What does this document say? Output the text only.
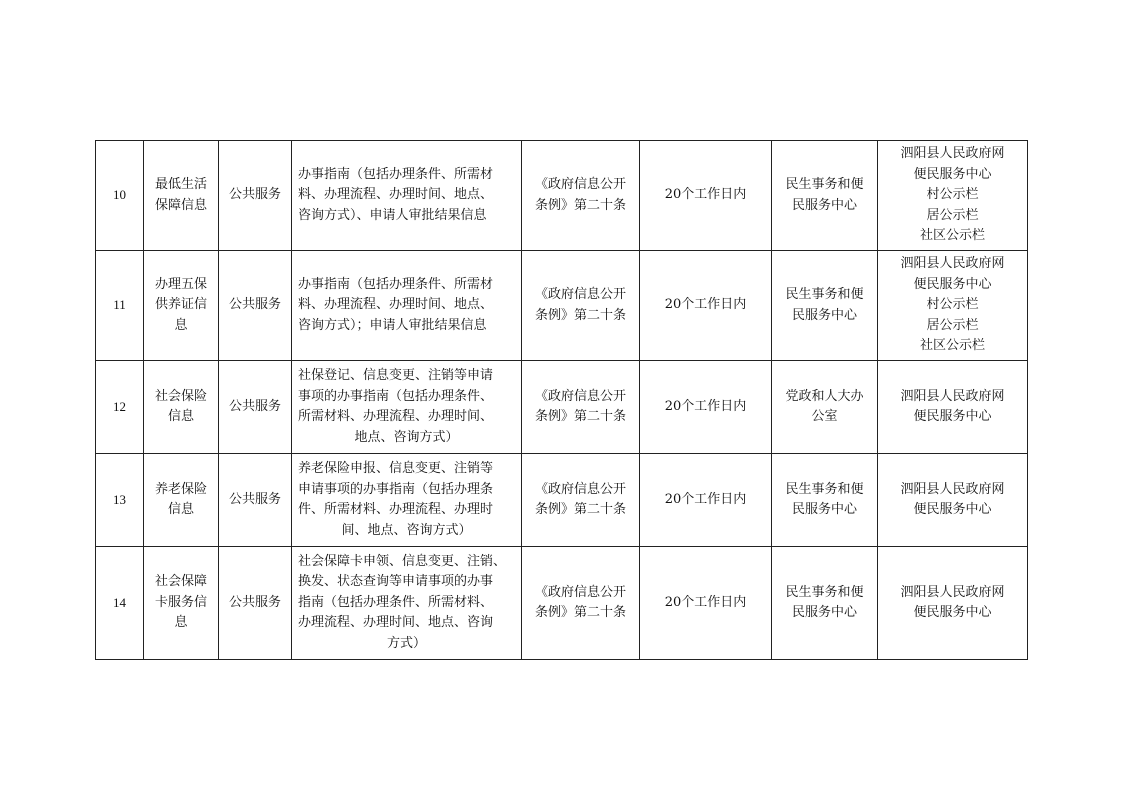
10	最低生活
保障信息	公共服务	办事指南（包括办理条件、所需材
料、办理流程、办理时间、地点、
咨询方式）、申请人审批结果信息	《政府信息公开
条例》第二十条	20个工作日内	民生事务和便
民服务中心	泗阳县人民政府网
便民服务中心
村公示栏
居公示栏
社区公示栏

11	办理五保
供养证信
息	公共服务	办事指南（包括办理条件、所需材
料、办理流程、办理时间、地点、
咨询方式）；申请人审批结果信息	《政府信息公开
条例》第二十条	20个工作日内	民生事务和便
民服务中心	泗阳县人民政府网
便民服务中心
村公示栏
居公示栏
社区公示栏

12	社会保险
信息	公共服务	社保登记、信息变更、注销等申请
事项的办事指南（包括办理条件、
所需材料、办理流程、办理时间、
地点、咨询方式）	《政府信息公开
条例》第二十条	20个工作日内	党政和人大办
公室	泗阳县人民政府网
便民服务中心

13	养老保险
信息	公共服务	养老保险申报、信息变更、注销等
申请事项的办事指南（包括办理条
件、所需材料、办理流程、办理时
间、地点、咨询方式）	《政府信息公开
条例》第二十条	20个工作日内	民生事务和便
民服务中心	泗阳县人民政府网
便民服务中心

14	社会保障
卡服务信
息	公共服务	社会保障卡申领、信息变更、注销、
换发、状态查询等申请事项的办事
指南（包括办理条件、所需材料、
办理流程、办理时间、地点、咨询
方式）	《政府信息公开
条例》第二十条	20个工作日内	民生事务和便
民服务中心	泗阳县人民政府网
便民服务中心
